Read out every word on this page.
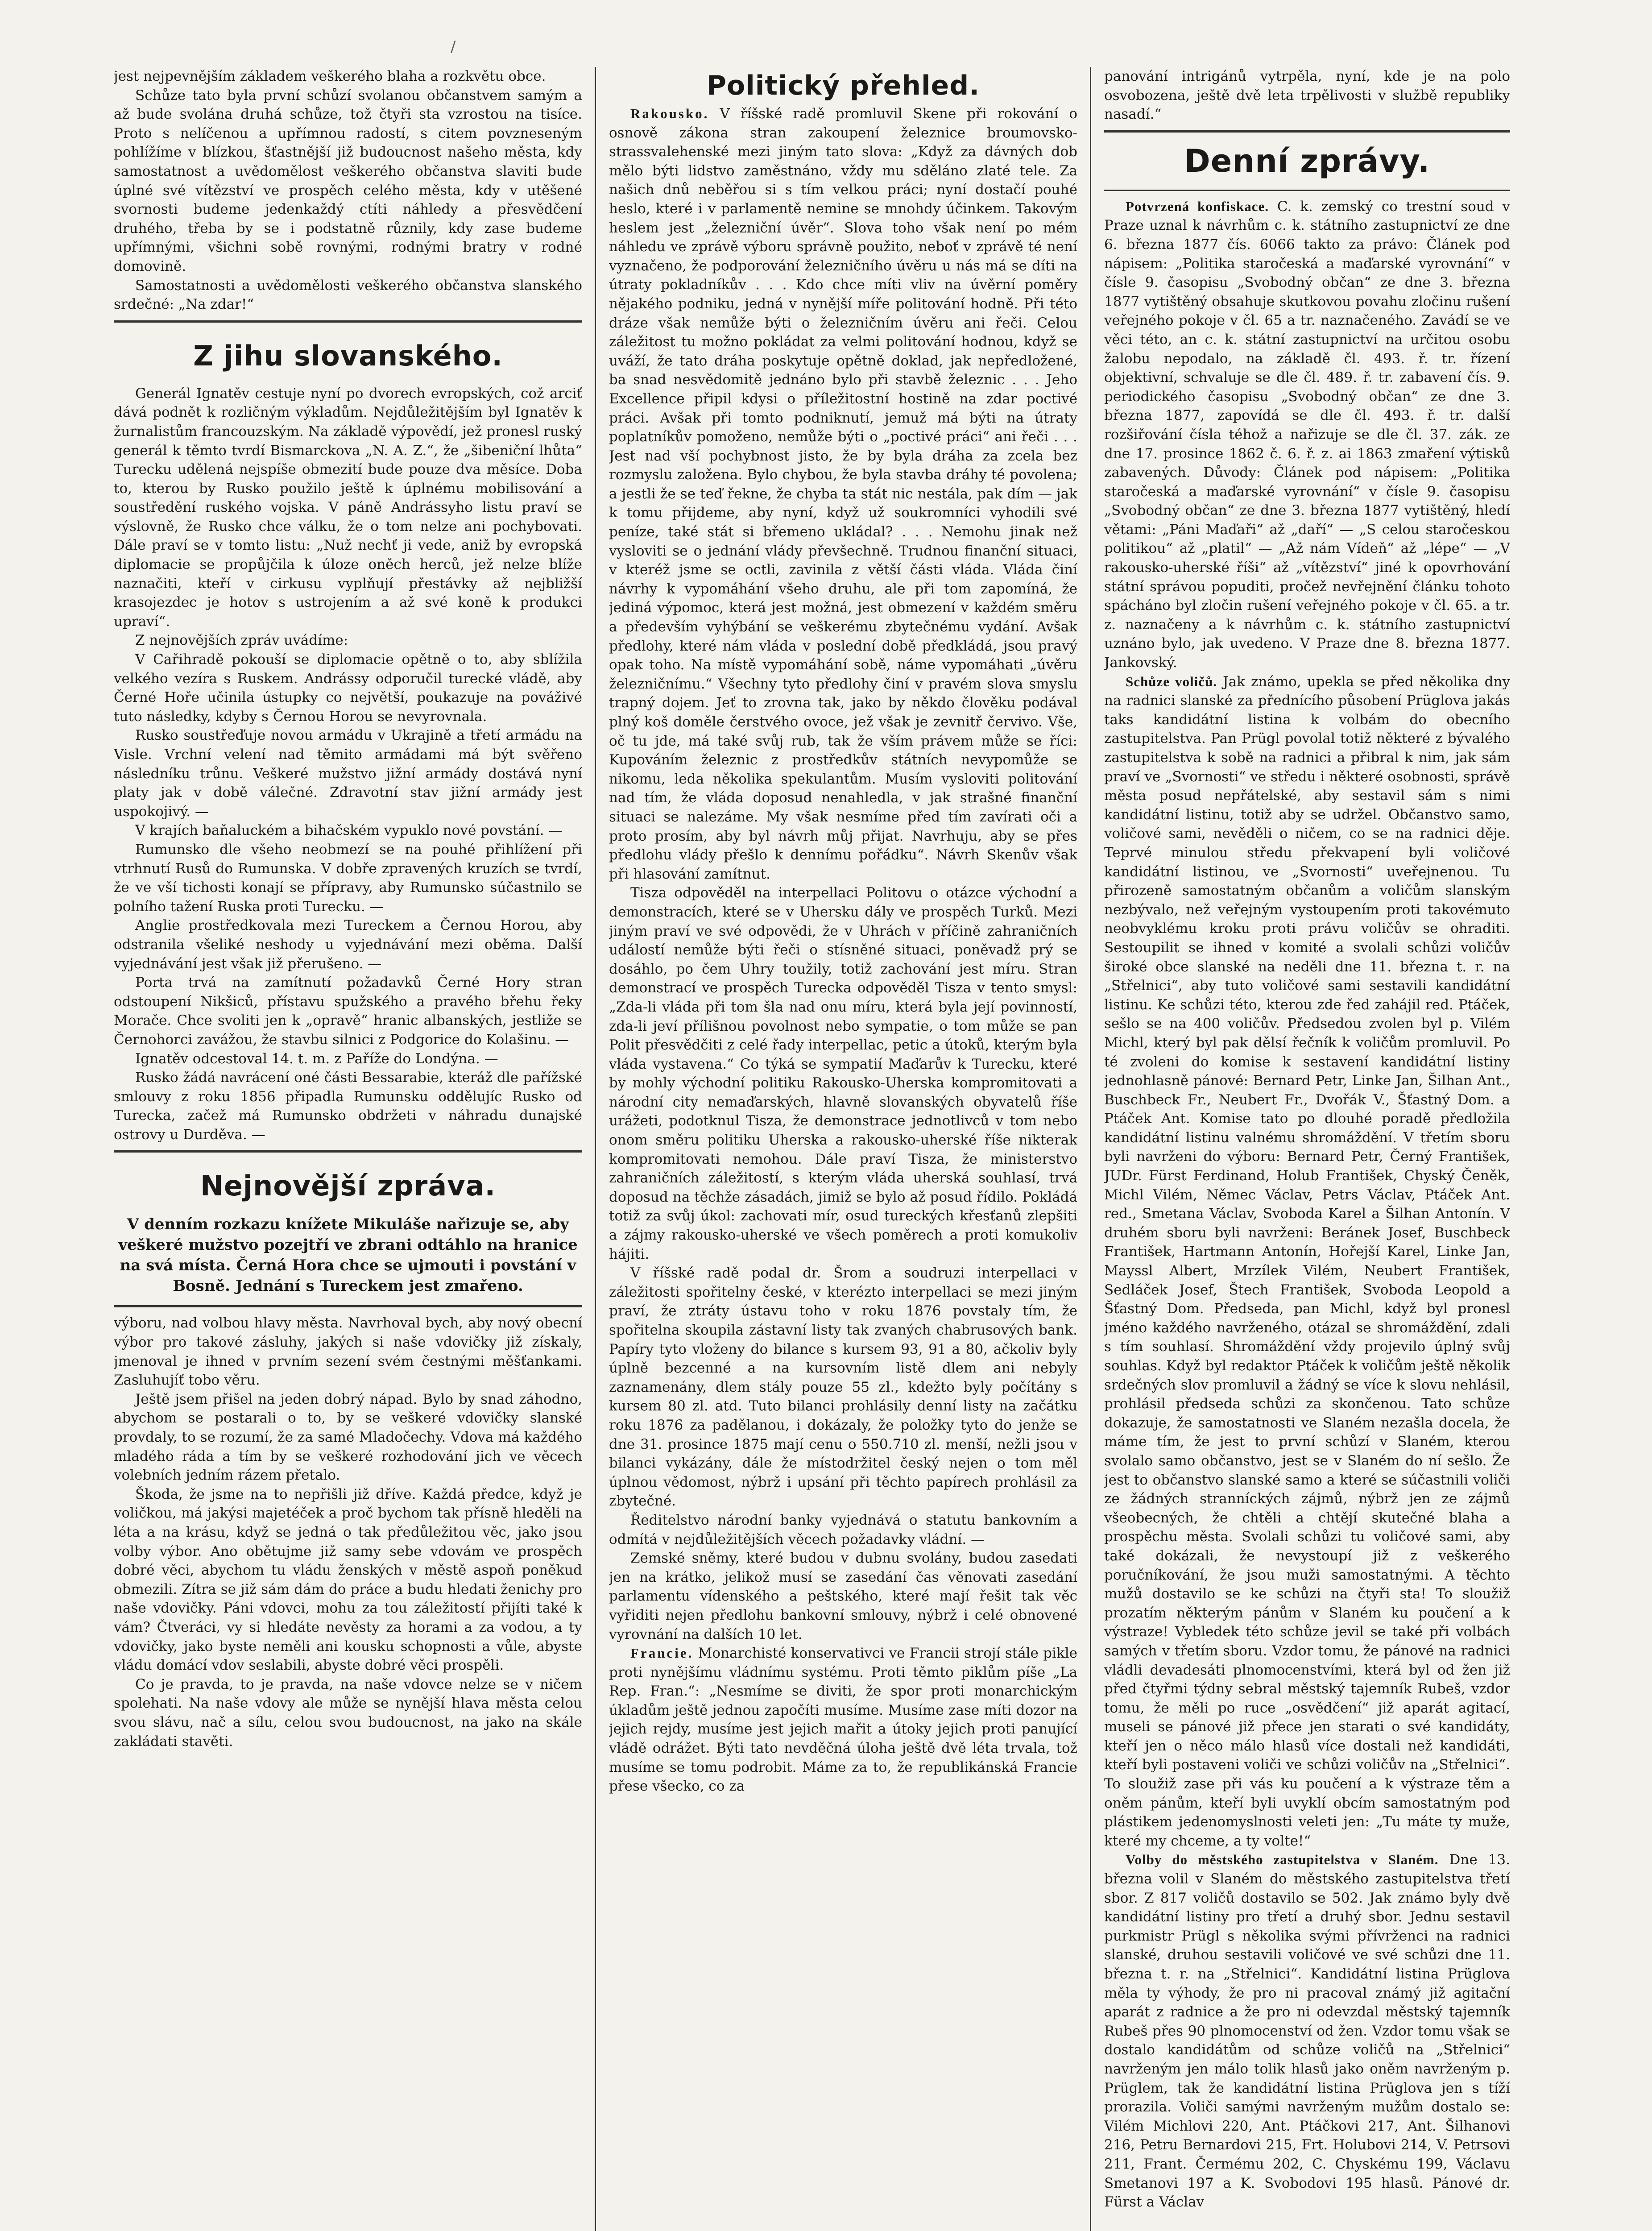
/

jest nejpevnějším základem veškerého blaha a rozkvětu obce.

Schůze tato byla první schůzí svolanou občanstvem samým a až bude svolána druhá schůze, tož čtyři sta vzrostou na tisíce. Proto s nelíčenou a upřímnou radostí, s citem povzneseným pohlížíme v blízkou, šťastnější již budoucnost našeho města, kdy samostatnost a uvědomělost veškerého občanstva slaviti bude úplné své vítězství ve prospěch celého města, kdy v utěšené svornosti budeme jedenkaždý ctíti náhledy a přesvědčení druhého, třeba by se i podstatně různily, kdy zase budeme upřímnými, všichni sobě rovnými, rodnými bratry v rodné domovině.

Samostatnosti a uvědomělosti veškerého občanstva slanského srdečné: „Na zdar!“

Z jihu slovanského.

Generál Ignatěv cestuje nyní po dvorech evropských, což arciť dává podnět k rozličným výkladům. Nejdůležitějším byl Ignatěv k žurnalistům francouzským. Na základě výpovědí, jež pronesl ruský generál k těmto tvrdí Bismarckova „N. A. Z.“, že „šibeniční lhůta“ Turecku udělená nejspíše obmezití bude pouze dva měsíce. Doba to, kterou by Rusko použilo ještě k úplnému mobilisování a soustředění ruského vojska. V páně Andrássyho listu praví se výslovně, že Rusko chce válku, že o tom nelze ani pochybovati. Dále praví se v tomto listu: „Nuž nechť ji vede, aniž by evropská diplomacie se propůjčila k úloze oněch herců, jež nelze blíže naznačiti, kteří v cirkusu vyplňují přestávky až nejbližší krasojezdec je hotov s ustrojením a až své koně k produkci upraví“.

Z nejnovějších zpráv uvádíme:

V Cařihradě pokouší se diplomacie opětně o to, aby sblížila velkého vezíra s Ruskem. Andrássy odporučil turecké vládě, aby Černé Hoře učinila ústupky co největší, poukazuje na pováživé tuto následky, kdyby s Černou Horou se nevyrovnala.

Rusko soustřeďuje novou armádu v Ukrajině a třetí armádu na Visle. Vrchní velení nad těmito armádami má být svěřeno následníku trůnu. Veškeré mužstvo jižní armády dostává nyní platy jak v době válečné. Zdravotní stav jižní armády jest uspokojivý. —

V krajích baňaluckém a bihačském vypuklo nové povstání. —

Rumunsko dle všeho neobmezí se na pouhé přihlížení při vtrhnutí Rusů do Rumunska. V dobře zpravených kruzích se tvrdí, že ve vší tichosti konají se přípravy, aby Rumunsko súčastnilo se polního tažení Ruska proti Turecku. —

Anglie prostředkovala mezi Tureckem a Černou Horou, aby odstranila všeliké neshody u vyjednávání mezi oběma. Další vyjednávání jest však již přerušeno. —

Porta trvá na zamítnutí požadavků Černé Hory stran odstoupení Nikšiců, přístavu spužského a pravého břehu řeky Morače. Chce svoliti jen k „opravě“ hranic albanských, jestliže se Černohorci zavážou, že stavbu silnici z Podgorice do Kolašinu. —

Ignatěv odcestoval 14. t. m. z Paříže do Londýna. —

Rusko žádá navrácení oné části Bessarabie, kteráž dle pařížské smlouvy z roku 1856 připadla Rumunsku oddělujíc Rusko od Turecka, začež má Rumunsko obdržeti v náhradu dunajské ostrovy u Durděva. —

Nejnovější zpráva.
V denním rozkazu knížete Mikuláše nařizuje se, aby veškeré mužstvo pozejtří ve zbrani odtáhlo na hranice na svá místa. Černá Hora chce se ujmouti i povstání v Bosně. Jednání s Tureckem jest zmařeno.

výboru, nad volbou hlavy města. Navrhoval bych, aby nový obecní výbor pro takové zásluhy, jakých si naše vdovičky již získaly, jmenoval je ihned v prvním sezení svém čestnými měšťankami. Zasluhujíť tobo věru.

Ještě jsem přišel na jeden dobrý nápad. Bylo by snad záhodno, abychom se postarali o to, by se veškeré vdovičky slanské provdaly, to se rozumí, že za samé Mladočechy. Vdova má každého mladého ráda a tím by se veškeré rozhodování jich ve věcech volebních jedním rázem přetalo.

Škoda, že jsme na to nepřišli již dříve. Každá předce, když je voličkou, má jakýsi majetéček a proč bychom tak přísně hleděli na léta a na krásu, když se jedná o tak předůležitou věc, jako jsou volby výbor. Ano obětujme již samy sebe vdovám ve prospěch dobré věci, abychom tu vládu ženských v městě aspoň poněkud obmezili. Zítra se již sám dám do práce a budu hledati ženichy pro naše vdovičky. Páni vdovci, mohu za tou záležitostí přijíti také k vám? Čtveráci, vy si hledáte nevěsty za horami a za vodou, a ty vdovičky, jako byste neměli ani kousku schopnosti a vůle, abyste vládu domácí vdov seslabili, abyste dobré věci prospěli.

Co je pravda, to je pravda, na naše vdovce nelze se v ničem spolehati. Na naše vdovy ale může se nynější hlava města celou svou slávu, nač a sílu, celou svou budoucnost, na jako na skále zakládati stavěti.

Politický přehled.

Rakousko. V říšské radě promluvil Skene při rokování o osnově zákona stran zakoupení železnice broumovsko-strassvalehenské mezi jiným tato slova: „Když za dávných dob mělo býti lidstvo zaměstnáno, vždy mu sděláno zlaté tele. Za našich dnů neběřou si s tím velkou práci; nyní dostačí pouhé heslo, které i v parlamentě nemine se mnohdy účinkem. Takovým heslem jest „železniční úvěr“. Slova toho však není po mém náhledu ve zprávě výboru správně použito, neboť v zprávě té není vyznačeno, že podporování železničního úvěru u nás má se díti na útraty pokladníkův . . . Kdo chce míti vliv na úvěrní poměry nějakého podniku, jedná v nynější míře politování hodně. Při této dráze však nemůže býti o železničním úvěru ani řeči. Celou záležitost tu možno pokládat za velmi politování hodnou, když se uváží, že tato dráha poskytuje opětně doklad, jak nepředložené, ba snad nesvědomitě jednáno bylo při stavbě železnic . . . Jeho Excellence připil kdysi o příležitostní hostině na zdar poctivé práci. Avšak při tomto podniknutí, jemuž má býti na útraty poplatníkův pomoženo, nemůže býti o „poctivé práci“ ani řeči . . . Jest nad vší pochybnost jisto, že by byla dráha za zcela bez rozmyslu založena. Bylo chybou, že byla stavba dráhy té povolena; a jestli že se teď řekne, že chyba ta stát nic nestála, pak dím — jak k tomu přijdeme, aby nyní, když už soukromníci vyhodili své peníze, také stát si břemeno ukládal? . . . Nemohu jinak než vysloviti se o jednání vlády převšechně. Trudnou finanční situaci, v kteréž jsme se octli, zavinila z větší části vláda. Vláda činí návrhy k vypomáhání všeho druhu, ale při tom zapomíná, že jediná výpomoc, která jest možná, jest obmezení v každém směru a především vyhýbání se veškerému zbytečnému vydání. Avšak předlohy, které nám vláda v poslední době předkládá, jsou pravý opak toho. Na místě vypomáhání sobě, náme vypomáhati „úvěru železničnímu.“ Všechny tyto předlohy činí v pravém slova smyslu trapný dojem. Jeť to zrovna tak, jako by někdo člověku podával plný koš doměle čerstvého ovoce, jež však je zevnitř červivo. Vše, oč tu jde, má také svůj rub, tak že vším právem může se říci: Kupováním železnic z prostředkův státních nevypomůže se nikomu, leda několika spekulantům. Musím vysloviti politování nad tím, že vláda doposud nenahledla, v jak strašné finanční situaci se nalezáme. My však nesmíme před tím zavírati oči a proto prosím, aby byl návrh můj přijat. Navrhuju, aby se přes předlohu vlády přešlo k dennímu pořádku“. Návrh Skenův však při hlasování zamítnut.

Tisza odpověděl na interpellaci Politovu o otázce východní a demonstracích, které se v Uhersku dály ve prospěch Turků. Mezi jiným praví ve své odpovědi, že v Uhrách v příčině zahraničních událostí nemůže býti řeči o stísněné situaci, poněvadž prý se dosáhlo, po čem Uhry toužily, totiž zachování jest míru. Stran demonstrací ve prospěch Turecka odpověděl Tisza v tento smysl: „Zda-li vláda při tom šla nad onu míru, která byla její povinností, zda-li jeví přílišnou povolnost nebo sympatie, o tom může se pan Polit přesvědčiti z celé řady interpellac, petic a útoků, kterým byla vláda vystavena.“ Co týká se sympatií Maďarův k Turecku, které by mohly východní politiku Rakousko-Uherska kompromitovati a národní city nemaďarských, hlavně slovanských obyvatelů říše urážeti, podotknul Tisza, že demonstrace jednotlivců v tom nebo onom směru politiku Uherska a rakousko-uherské říše nikterak kompromitovati nemohou. Dále praví Tisza, že ministerstvo zahraničních záležitostí, s kterým vláda uherská souhlasí, trvá doposud na těchže zásadách, jimiž se bylo až posud řídilo. Pokládá totiž za svůj úkol: zachovati mír, osud tureckých křesťanů zlepšiti a zájmy rakousko-uherské ve všech poměrech a proti komukoliv hájiti.

V říšské radě podal dr. Šrom a soudruzi interpellaci v záležitosti spořitelny české, v kterézto interpellaci se mezi jiným praví, že ztráty ústavu toho v roku 1876 povstaly tím, že spořitelna skoupila zástavní listy tak zvaných chabrusových bank. Papíry tyto vloženy do bilance s kursem 93, 91 a 80, ačkoliv byly úplně bezcenné a na kursovním listě dlem ani nebyly zaznamenány, dlem stály pouze 55 zl., kdežto byly počítány s kursem 80 zl. atd. Tuto bilanci prohlásily denní listy na začátku roku 1876 za padělanou, i dokázaly, že položky tyto do jenže se dne 31. prosince 1875 mají cenu o 550.710 zl. menší, nežli jsou v bilanci vykázány, dále že místodržitel český nejen o tom měl úplnou vědomost, nýbrž i upsání při těchto papírech prohlásil za zbytečné.

Ředitelstvo národní banky vyjednává o statutu bankovním a odmítá v nejdůležitějších věcech požadavky vládní. —

Zemské sněmy, které budou v dubnu svolány, budou zasedati jen na krátko, jelikož musí se zasedání čas věnovati zasedání parlamentu vídenského a peštského, které mají řešit tak věc vyřiditi nejen předlohu bankovní smlouvy, nýbrž i celé obnovené vyrovnání na dalších 10 let.

Francie. Monarchisté konservativci ve Francii strojí stále pikle proti nynějšímu vládnímu systému. Proti těmto piklům píše „La Rep. Fran.“: „Nesmíme se diviti, že spor proti monarchickým úkladům ještě jednou započíti musíme. Musíme zase míti dozor na jejich rejdy, musíme jest jejich mařit a útoky jejich proti panující vládě odrážet. Býti tato nevděčná úloha ještě dvě léta trvala, tož musíme se tomu podrobit. Máme za to, že republikánská Francie přese všecko, co za

panování intrigánů vytrpěla, nyní, kde je na polo osvobozena, ještě dvě leta trpělivosti v službě republiky nasadí.“

Denní zprávy.

Potvrzená konfiskace. C. k. zemský co trestní soud v Praze uznal k návrhům c. k. státního zastupnictví ze dne 6. března 1877 čís. 6066 takto za právo: Článek pod nápisem: „Politika staročeská a maďarské vyrovnání“ v čísle 9. časopisu „Svobodný občan“ ze dne 3. března 1877 vytištěný obsahuje skutkovou povahu zločinu rušení veřejného pokoje v čl. 65 a tr. naznačeného. Zavádí se ve věci této, an c. k. státní zastupnictví na určitou osobu žalobu nepodalo, na základě čl. 493. ř. tr. řízení objektivní, schvaluje se dle čl. 489. ř. tr. zabavení čís. 9. periodického časopisu „Svobodný občan“ ze dne 3. března 1877, zapovídá se dle čl. 493. ř. tr. další rozšiřování čísla téhož a nařizuje se dle čl. 37. zák. ze dne 17. prosince 1862 č. 6. ř. z. ai 1863 zmaření výtisků zabavených. Důvody: Článek pod nápisem: „Politika staročeská a maďarské vyrovnání“ v čísle 9. časopisu „Svobodný občan“ ze dne 3. března 1877 vytištěný, hledí větami: „Páni Maďaři“ až „daří“ — „S celou staročeskou politikou“ až „platil“ — „Až nám Vídeň“ až „lépe“ — „V rakousko-uherské říši“ až „vítězství“ jiné k opovrhování státní správou popuditi, pročež nevřejnění článku tohoto spácháno byl zločin rušení veřejného pokoje v čl. 65. a tr. z. naznačeny a k návrhům c. k. státního zastupnictví uznáno bylo, jak uvedeno. V Praze dne 8. března 1877. Jankovský.

Schůze voličů. Jak známo, upekla se před několika dny na radnici slanské za přednícího působení Prüglova jakás taks kandidátní listina k volbám do obecního zastupitelstva. Pan Prügl povolal totiž některé z bývalého zastupitelstva k sobě na radnici a přibral k nim, jak sám praví ve „Svornosti“ ve středu i některé osobnosti, správě města posud nepřátelské, aby sestavil sám s nimi kandidátní listinu, totiž aby se udržel. Občanstvo samo, voličové sami, nevěděli o ničem, co se na radnici děje. Teprvé minulou středu překvapení byli voličové kandidátní listinou, ve „Svornosti“ uveřejnenou. Tu přirozeně samostatným občanům a voličům slanským nezbývalo, než veřejným vystoupením proti takovémuto neobvyklému kroku proti právu voličův se ohraditi. Sestoupilit se ihned v komité a svolali schůzi voličův široké obce slanské na neděli dne 11. března t. r. na „Střelnici“, aby tuto voličové sami sestavili kandidátní listinu. Ke schůzi této, kterou zde řed zahájil red. Ptáček, sešlo se na 400 voličův. Předsedou zvolen byl p. Vilém Michl, který byl pak dělsí řečník k voličům promluvil. Po té zvoleni do komise k sestavení kandidátní listiny jednohlasně pánové: Bernard Petr, Linke Jan, Šilhan Ant., Buschbeck Fr., Neubert Fr., Dvořák V., Šťastný Dom. a Ptáček Ant. Komise tato po dlouhé poradě předložila kandidátní listinu valnému shromáždění. V třetím sboru byli navrženi do výboru: Bernard Petr, Černý František, JUDr. Fürst Ferdinand, Holub František, Chyský Čeněk, Michl Vilém, Němec Václav, Petrs Václav, Ptáček Ant. red., Smetana Václav, Svoboda Karel a Šilhan Antonín. V druhém sboru byli navrženi: Beránek Josef, Buschbeck František, Hartmann Antonín, Hořejší Karel, Linke Jan, Mayssl Albert, Mrzílek Vilém, Neubert František, Sedláček Josef, Štech František, Svoboda Leopold a Šťastný Dom. Předseda, pan Michl, když byl pronesl jméno každého navrženého, otázal se shromáždění, zdali s tím souhlasí. Shromáždění vždy projevilo úplný svůj souhlas. Když byl redaktor Ptáček k voličům ještě několik srdečných slov promluvil a žádný se více k slovu nehlásil, prohlásil předseda schůzi za skončenou. Tato schůze dokazuje, že samostatnosti ve Slaném nezašla docela, že máme tím, že jest to první schůzí v Slaném, kterou svolalo samo občanstvo, jest se v Slaném do ní sešlo. Že jest to občanstvo slanské samo a které se súčastnili voliči ze žádných stranníckých zájmů, nýbrž jen ze zájmů všeobecných, že chtěli a chtějí skutečné blaha a prospěchu města. Svolali schůzi tu voličové sami, aby také dokázali, že nevystoupí již z veškerého poručníkování, že jsou muži samostatnými. A těchto mužů dostavilo se ke schůzi na čtyři sta! To sloužiž prozatím některým pánům v Slaném ku poučení a k výstraze! Vybledek této schůze jevil se také při volbách samých v třetím sboru. Vzdor tomu, že pánové na radnici vládli devadesáti plnomocenstvími, která byl od žen již před čtyřmi týdny sebral městský tajemník Rubeš, vzdor tomu, že měli po ruce „osvědčení“ již aparát agitací, museli se pánové již přece jen starati o své kandidáty, kteří jen o něco málo hlasů více dostali než kandidáti, kteří byli postaveni voliči ve schůzi voličův na „Střelnici“. To sloužiž zase při vás ku poučení a k výstraze těm a oněm pánům, kteří byli uvyklí obcím samostatným pod plástikem jedenomyslnosti veleti jen: „Tu máte ty muže, které my chceme, a ty volte!“

Volby do městského zastupitelstva v Slaném. Dne 13. března volil v Slaném do městského zastupitelstva třetí sbor. Z 817 voličů dostavilo se 502. Jak známo byly dvě kandidátní listiny pro třetí a druhý sbor. Jednu sestavil purkmistr Prügl s několika svými přívrženci na radnici slanské, druhou sestavili voličové ve své schůzi dne 11. března t. r. na „Střelnici“. Kandidátní listina Prüglova měla ty výhody, že pro ni pracoval známý již agitační aparát z radnice a že pro ni odevzdal městský tajemník Rubeš přes 90 plnomocenství od žen. Vzdor tomu však se dostalo kandidátům od schůze voličů na „Střelnici“ navrženým jen málo tolik hlasů jako oněm navrženým p. Prüglem, tak že kandidátní listina Prüglova jen s tíží prorazila. Voliči samými navrženým mužům dostalo se: Vilém Michlovi 220, Ant. Ptáčkovi 217, Ant. Šilhanovi 216, Petru Bernardovi 215, Frt. Holubovi 214, V. Petrsovi 211, Frant. Čermému 202, C. Chyskému 199, Václavu Smetanovi 197 a K. Svobodovi 195 hlasů. Pánové dr. Fürst a Václav
